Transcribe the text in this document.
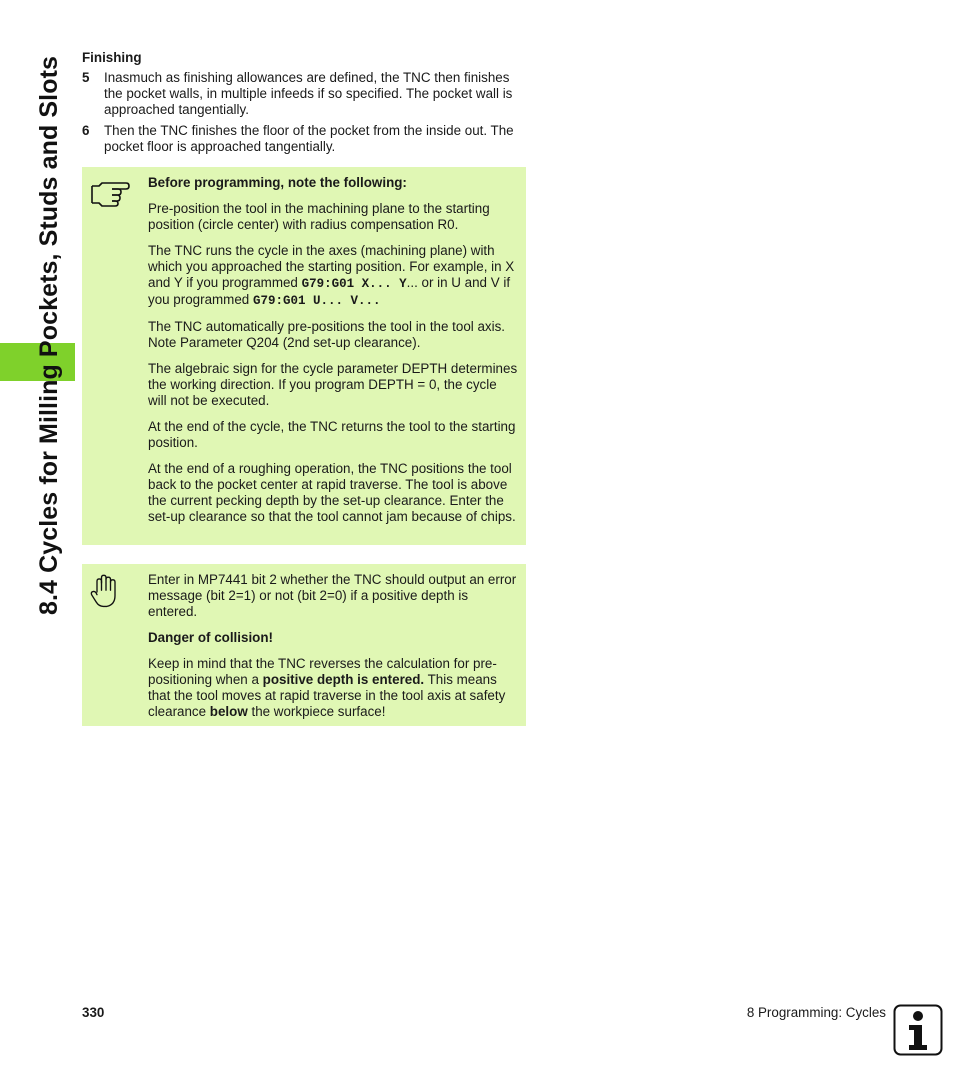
8.4 Cycles for Milling Pockets, Studs and Slots Finishing
5	Inasmuch as finishing allowances are defined, the TNC then finishes the pocket walls, in multiple infeeds if so specified. The pocket wall is approached tangentially.
6	Then the TNC finishes the floor of the pocket from the inside out. The pocket floor is approached tangentially.

Before programming, note the following:

Pre-position the tool in the machining plane to the starting position (circle center) with radius compensation R0.

The TNC runs the cycle in the axes (machining plane) with which you approached the starting position. For example, in X and Y if you programmed G79:G01 X... Y... or in U and V if you programmed G79:G01 U... V...

The TNC automatically pre-positions the tool in the tool axis. Note Parameter Q204 (2nd set-up clearance).

The algebraic sign for the cycle parameter DEPTH determines the working direction. If you program DEPTH = 0, the cycle will not be executed.

At the end of the cycle, the TNC returns the tool to the starting position.

At the end of a roughing operation, the TNC positions the tool back to the pocket center at rapid traverse. The tool is above the current pecking depth by the set-up clearance. Enter the set-up clearance so that the tool cannot jam because of chips.

Enter in MP7441 bit 2 whether the TNC should output an error message (bit 2=1) or not (bit 2=0) if a positive depth is entered.

Danger of collision!

Keep in mind that the TNC reverses the calculation for pre-positioning when a positive depth is entered. This means that the tool moves at rapid traverse in the tool axis at safety clearance below the workpiece surface!

330	8 Programming: Cycles
